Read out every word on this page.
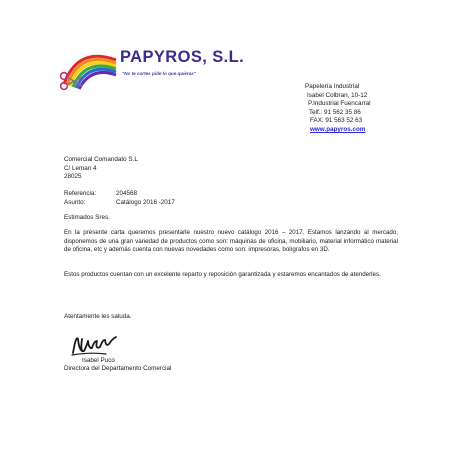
PAPYROS, S.L.
"No te cortes pide lo que quieras"
Papelería Industrial
Isabel Colbran, 10-12
P.Industrial Fuencarral
Telf.: 91 562 35 86
FAX: 91 563 52 63
www.papyros.com
Comercial Comandato S.L
C/ Leman 4
28025
Referencia:	204568
Asunto:	Catálogo 2016 -2017
Estimados Sres.
En la presente carta queremos presentarle nuestro nuevo catálogo 2016 – 2017. Estamos lanzando al mercado, disponemos de una gran variedad de productos como son: máquinas de oficina, mobiliario, material informático material de oficina, etc y además cuenta con nuevas novedades como son: impresoras, bolígrafos en 3D.
Estos productos cuentan con un excelente reparto y reposición garantizada y estaremos encantados de atenderles.
Atentamente les saluda.
Isabel Puco
Directora del Departamento Comercial
